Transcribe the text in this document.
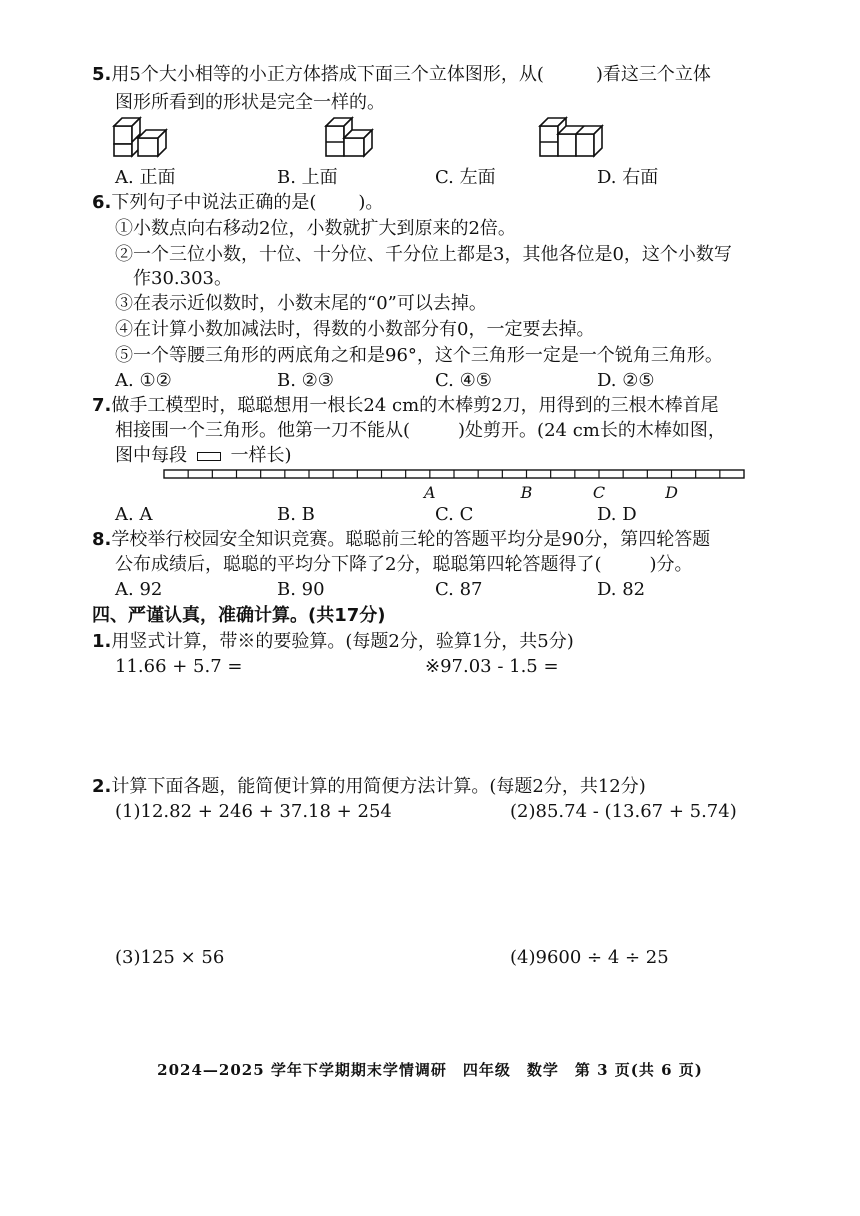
5.用5个大小相等的小正方体搭成下面三个立体图形，从(	)看这三个立体
图形所看到的形状是完全一样的。
A. 正面	B. 上面	C. 左面	D. 右面
6.下列句子中说法正确的是( )。
①小数点向右移动2位，小数就扩大到原来的2倍。
②一个三位小数，十位、十分位、千分位上都是3，其他各位是0，这个小数写
作30.303。
③在表示近似数时，小数末尾的“0”可以去掉。
④在计算小数加减法时，得数的小数部分有0，一定要去掉。
⑤一个等腰三角形的两底角之和是96°，这个三角形一定是一个锐角三角形。
A. ①②	B. ②③	C. ④⑤	D. ②⑤
7.做手工模型时，聪聪想用一根长24 cm的木棒剪2刀，用得到的三根木棒首尾
相接围一个三角形。他第一刀不能从(	)处剪开。(24 cm长的木棒如图，
图中每段 一样长)
A	B	C	D
A. A	B. B	C. C	D. D
8.学校举行校园安全知识竞赛。聪聪前三轮的答题平均分是90分，第四轮答题
公布成绩后，聪聪的平均分下降了2分，聪聪第四轮答题得了(	)分。
A. 92	B. 90	C. 87	D. 82
四、严谨认真，准确计算。(共17分)
1.用竖式计算，带※的要验算。(每题2分，验算1分，共5分)
11.66 + 5.7 =	※97.03 - 1.5 =
2.计算下面各题，能简便计算的用简便方法计算。(每题2分，共12分)
(1)12.82 + 246 + 37.18 + 254	(2)85.74 - (13.67 + 5.74)
(3)125 × 56	(4)9600 ÷ 4 ÷ 25
2024—2025 学年下学期期末学情调研　四年级　数学　第 3 页(共 6 页)
